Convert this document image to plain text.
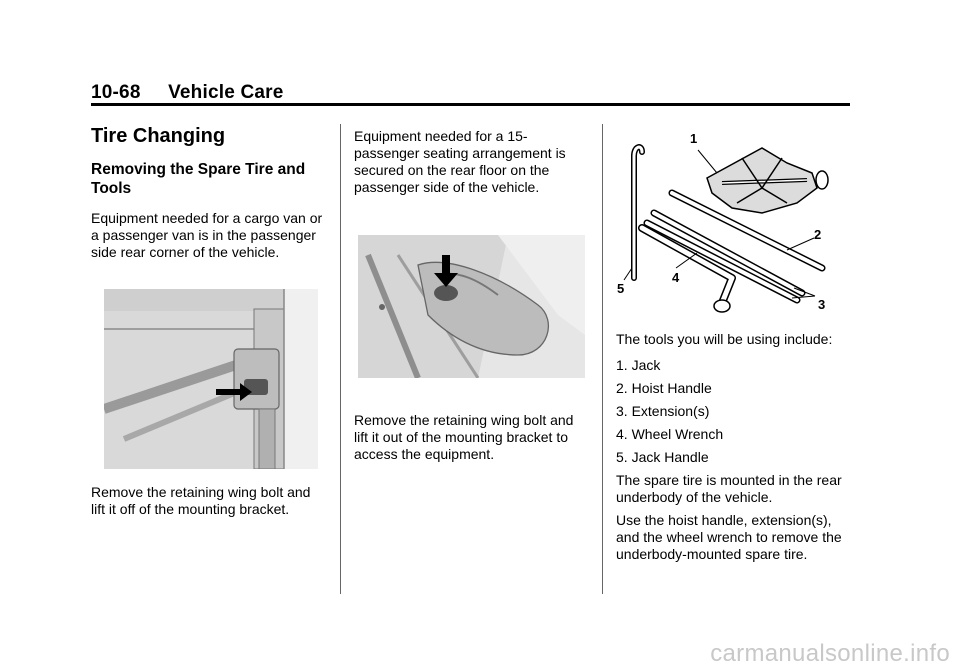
10-68 Vehicle Care
Tire Changing
Removing the Spare Tire and Tools

Equipment needed for a cargo van or a passenger van is in the passenger side rear corner of the vehicle.

Remove the retaining wing bolt and lift it off of the mounting bracket.

Equipment needed for a 15-passenger seating arrangement is secured on the rear floor on the passenger side of the vehicle.

Remove the retaining wing bolt and lift it out of the mounting bracket to access the equipment.

1
2
3
4
5

The tools you will be using include:

1. Jack
2. Hoist Handle
3. Extension(s)
4. Wheel Wrench
5. Jack Handle

The spare tire is mounted in the rear underbody of the vehicle.

Use the hoist handle, extension(s), and the wheel wrench to remove the underbody-mounted spare tire.

carmanualsonline.info
